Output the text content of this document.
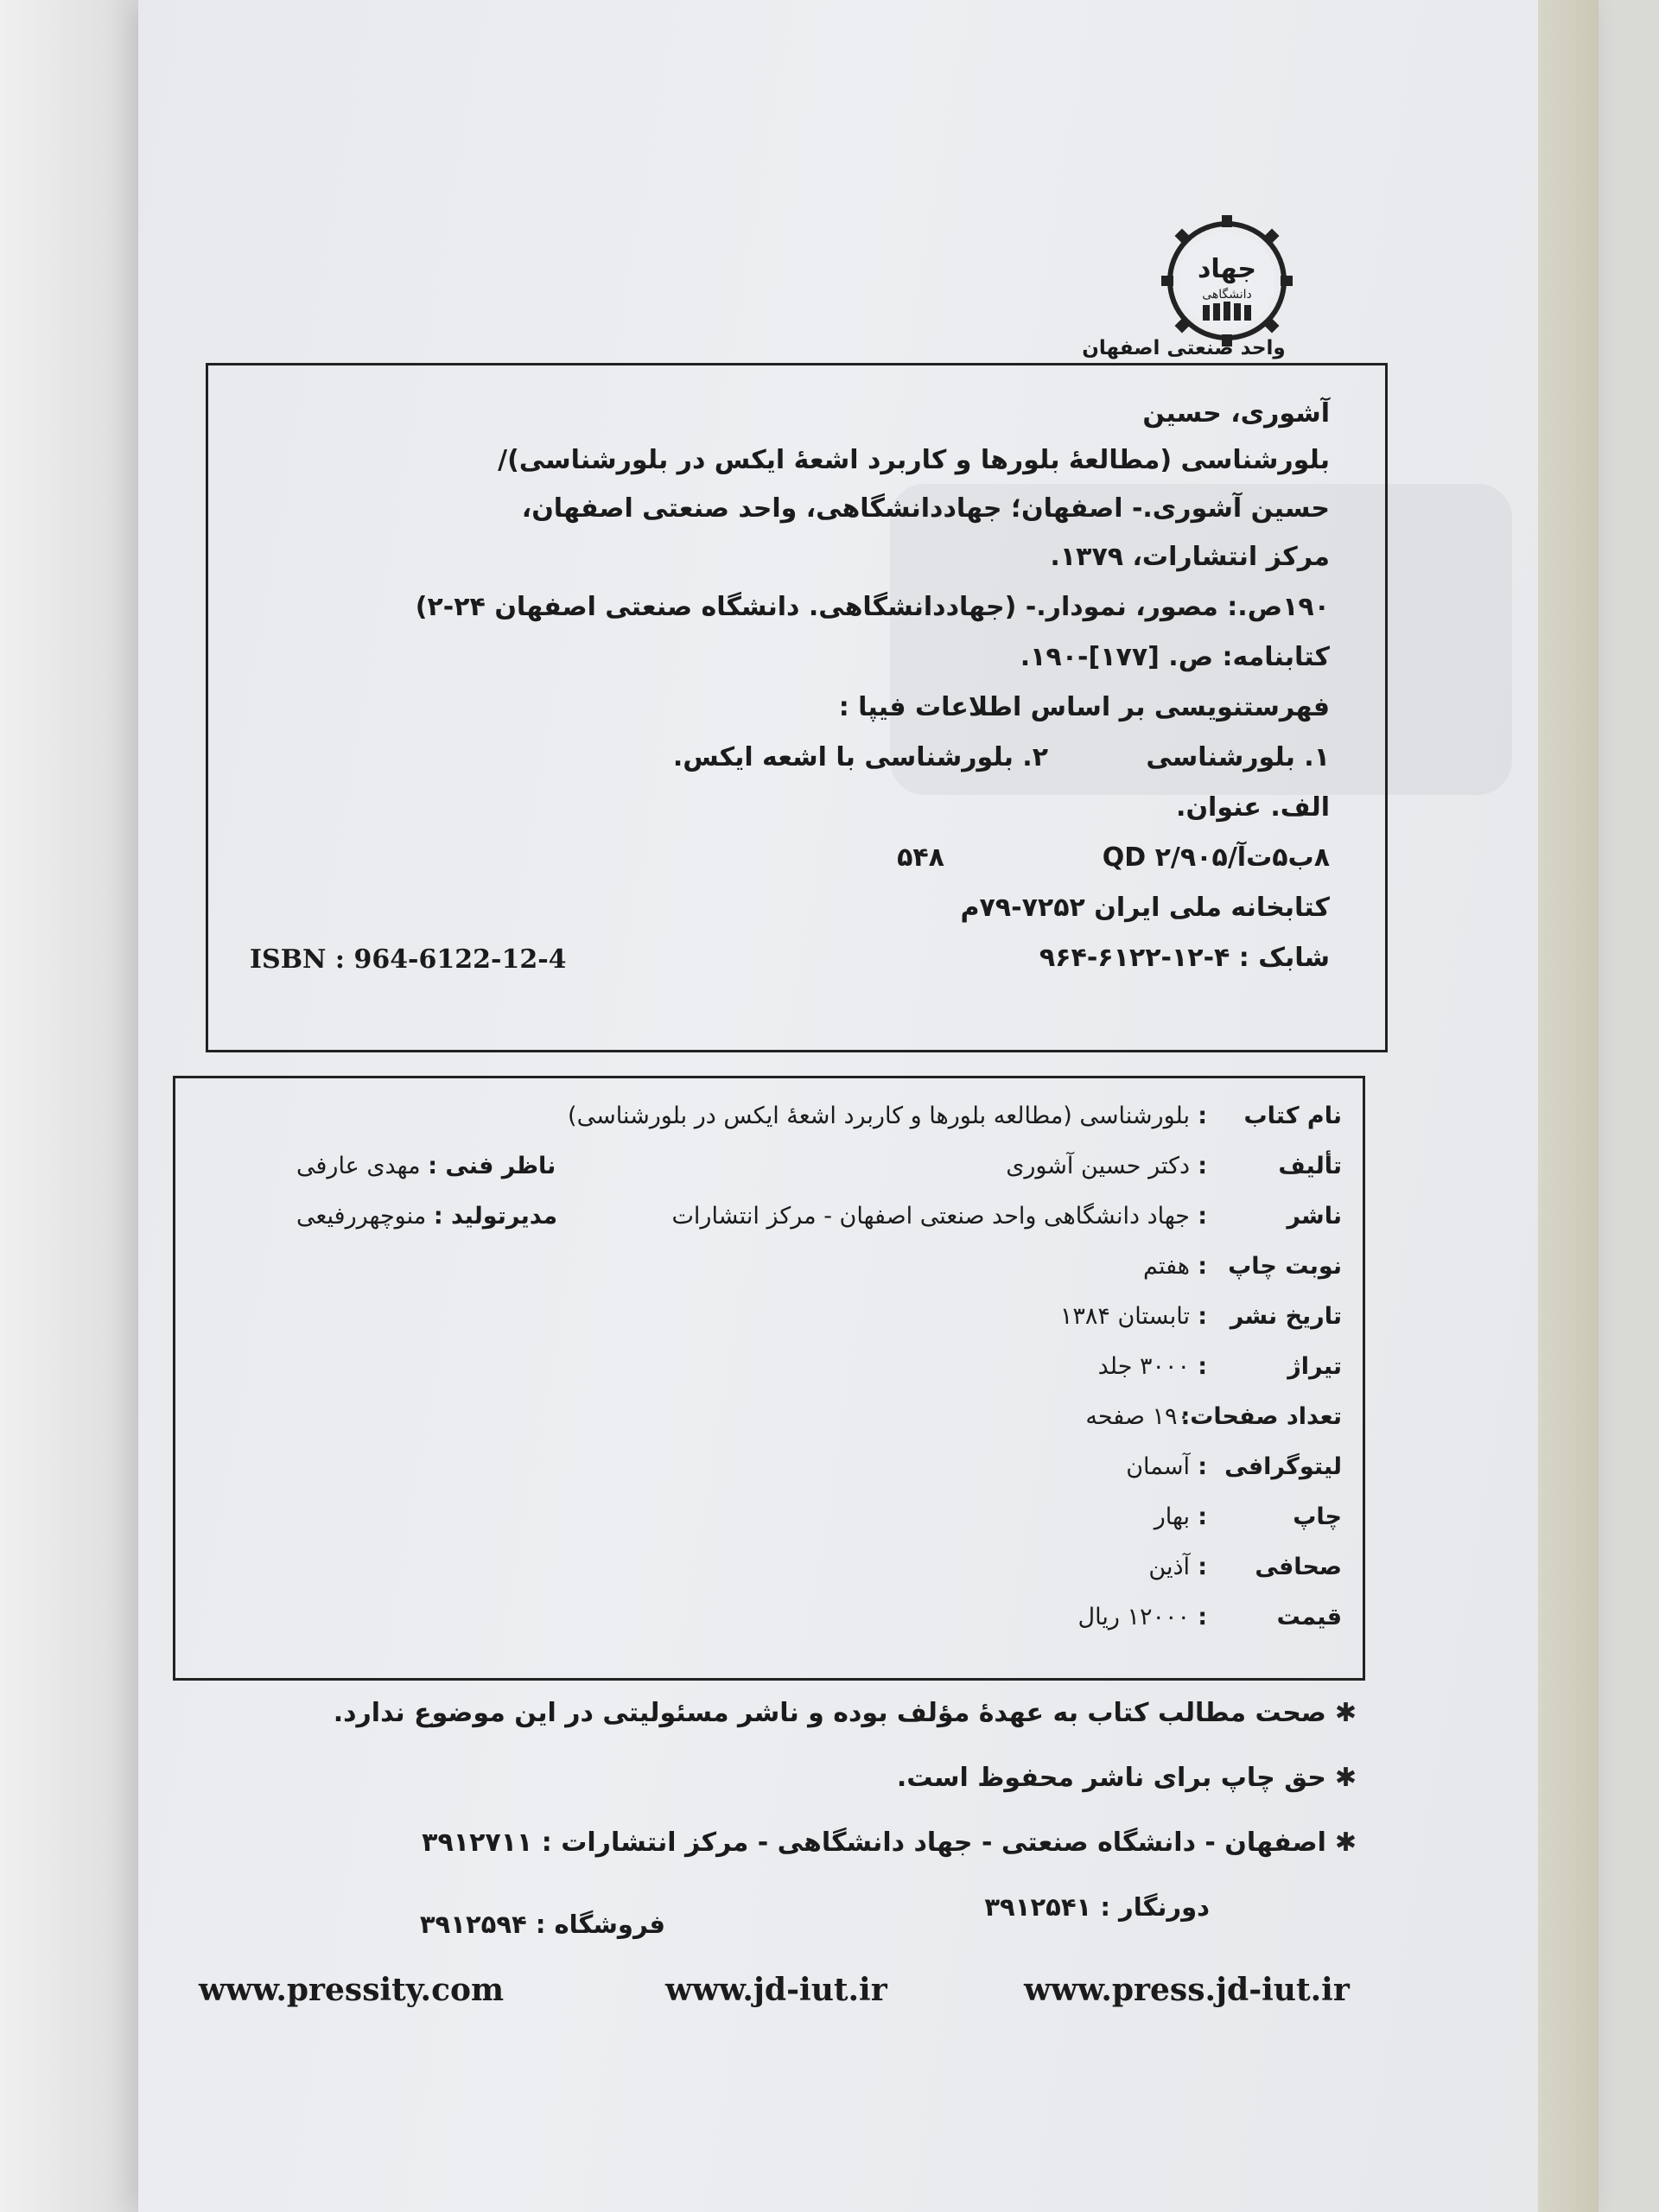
جهاد
دانشگاهی
واحد صنعتی اصفهان
آشوری، حسین
بلورشناسی (مطالعهٔ بلورها و کاربرد اشعهٔ ایکس در بلورشناسی)/
حسین آشوری.- اصفهان؛ جهاددانشگاهی، واحد صنعتی اصفهان،
مرکز انتشارات، ۱۳۷۹.
۱۹۰ص.: مصور، نمودار.- (جهاددانشگاهی. دانشگاه صنعتی اصفهان ۲۴-۲)
کتابنامه: ص. [۱۷۷]-۱۹۰.
فهرستنویسی بر اساس اطلاعات فیپا :
۱. بلورشناسی
۲. بلورشناسی با اشعه ایکس.
الف. عنوان.
۸ب۵ت‌آ/۲/۹۰۵ QD
۵۴۸
کتابخانه ملی ایران ۷۲۵۲-۷۹م
شابک : ۴-۱۲-۶۱۲۲-۹۶۴
ISBN : 964-6122-12-4
نام کتاب
:
بلورشناسی (مطالعه بلورها و کاربرد اشعهٔ ایکس در بلورشناسی)
تألیف
:
دکتر حسین آشوری
ناشر
:
جهاد دانشگاهی واحد صنعتی اصفهان - مرکز انتشارات
نوبت چاپ
:
هفتم
تاریخ نشر
:
تابستان ۱۳۸۴
تیراژ
:
۳۰۰۰ جلد
تعداد صفحات:
۱۹۰ صفحه
لیتوگرافی
:
آسمان
چاپ
:
بهار
صحافی
:
آذین
قیمت
:
۱۲۰۰۰ ریال
ناظر فنی : مهدی عارفی
مدیرتولید : منوچهررفیعی
✱صحت مطالب کتاب به عهدهٔ مؤلف بوده و ناشر مسئولیتی در این موضوع ندارد.
✱حق چاپ برای ناشر محفوظ است.
✱اصفهان - دانشگاه صنعتی - جهاد دانشگاهی - مرکز انتشارات : ۳۹۱۲۷۱۱
دورنگار : ۳۹۱۲۵۴۱
فروشگاه : ۳۹۱۲۵۹۴
www.press.jd-iut.ir
www.jd-iut.ir
www.pressity.com
